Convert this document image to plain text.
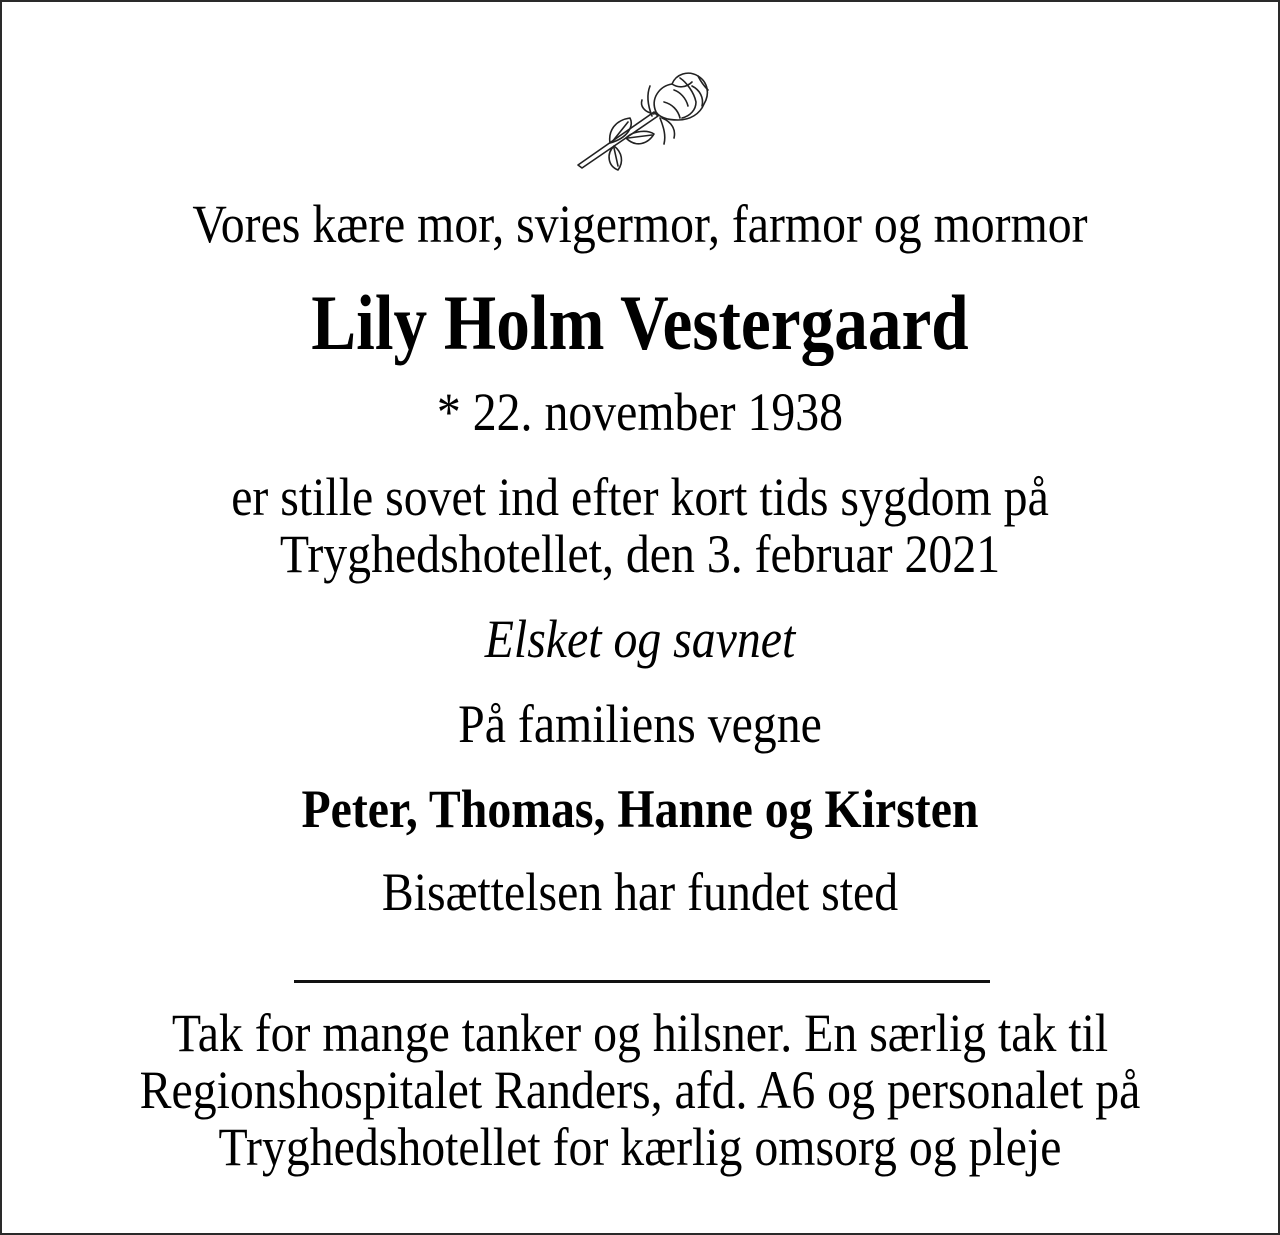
Vores kære mor, svigermor, farmor og mormor
Lily Holm Vestergaard
* 22. november 1938
er stille sovet ind efter kort tids sygdom på
Tryghedshotellet, den 3. februar 2021
Elsket og savnet
På familiens vegne
Peter, Thomas, Hanne og Kirsten
Bisættelsen har fundet sted
Tak for mange tanker og hilsner. En særlig tak til
Regionshospitalet Randers, afd. A6 og personalet på
Tryghedshotellet for kærlig omsorg og pleje
